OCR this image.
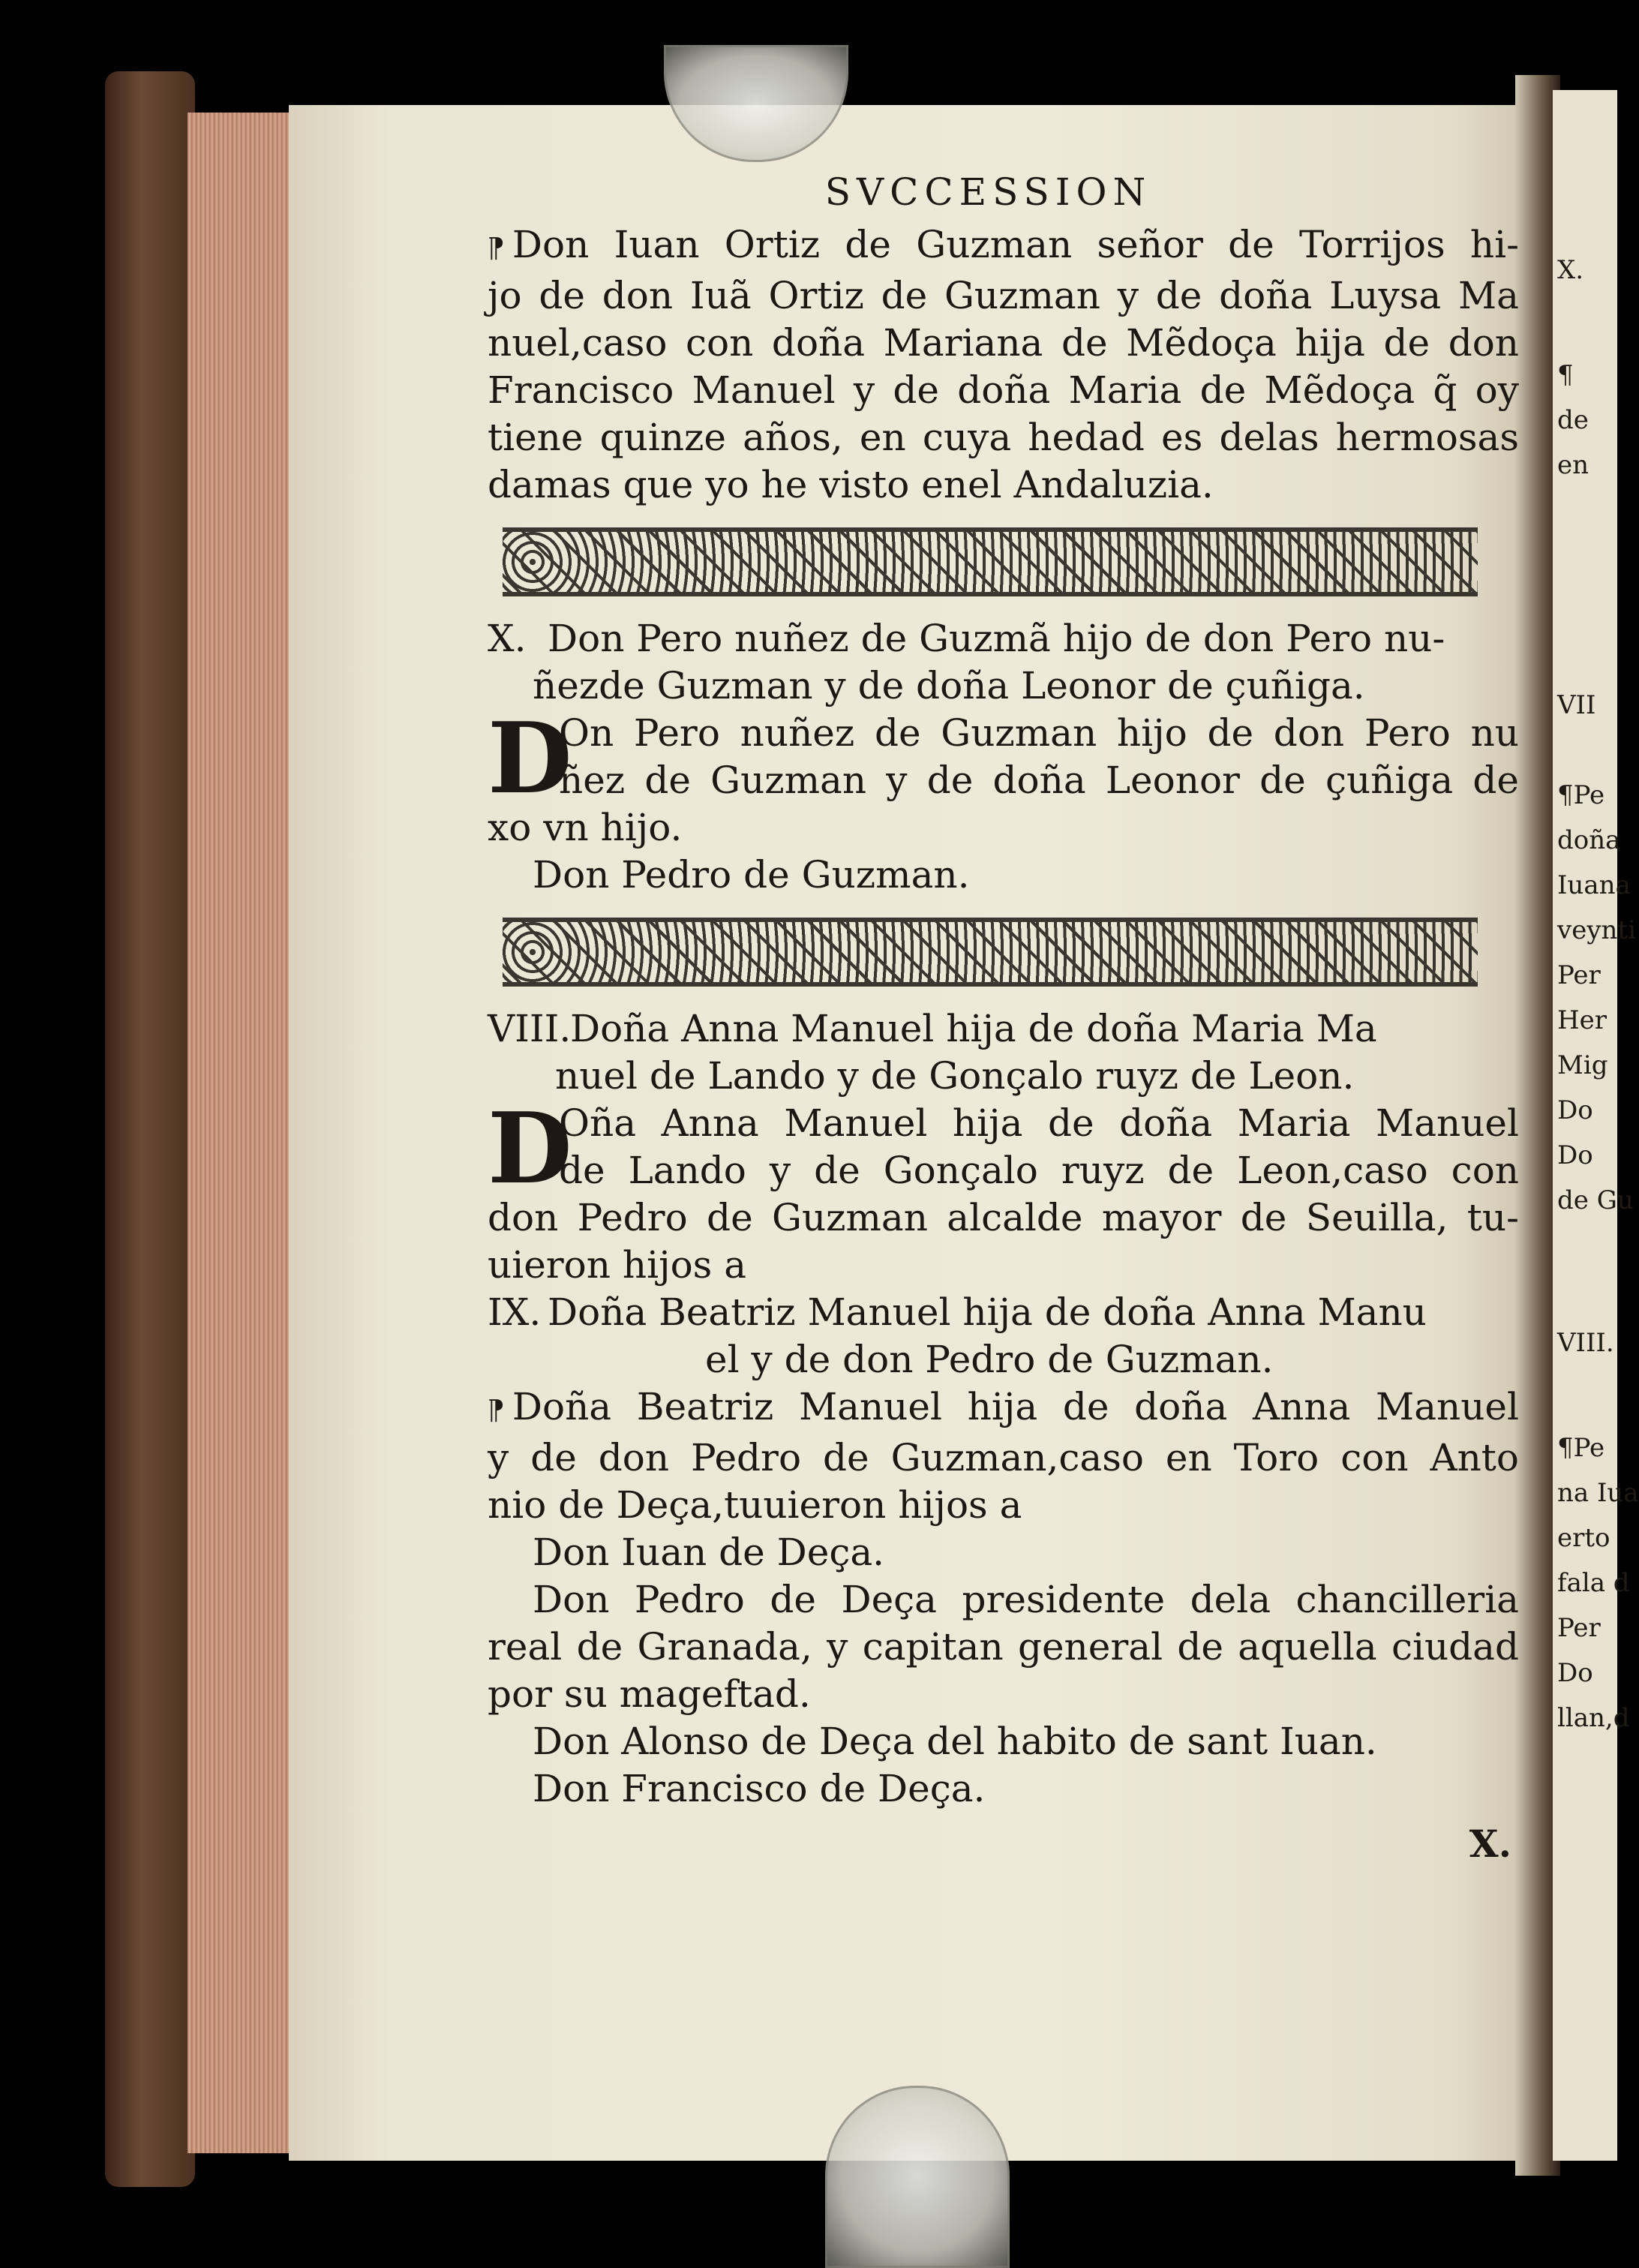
X.
¶
de
en
VII
¶Pe
doña
Iuana
veynti
Per
Her
Mig
Do
Do
de Gu
VIII.
¶Pe
na Iua
erto
fala d
Per
Do
llan,d
SVCCESSION
⁋ Don Iuan Ortiz de Guzman señor de Torrijos hi-
jo de don Iuã Ortiz de Guzman y de doña Luysa Ma
nuel,caso con doña Mariana de Mẽdoça hija de don
Francisco Manuel y de doña Maria de Mẽdoça q̃ oy
tiene quinze años, en cuya hedad es delas hermosas
damas que yo he visto enel Andaluzia.
X. Don Pero nuñez de Guzmã hijo de don Pero nu-
ñezde Guzman y de doña Leonor de çuñiga.
D
On Pero nuñez de Guzman hijo de don Pero nu
ñez de Guzman y de doña Leonor de çuñiga de
xo vn hijo.
Don Pedro de Guzman.
VIII.Doña Anna Manuel hija de doña Maria Ma
nuel de Lando y de Gonçalo ruyz de Leon.
D
Oña Anna Manuel hija de doña Maria Manuel
de Lando y de Gonçalo ruyz de Leon,caso con
don Pedro de Guzman alcalde mayor de Seuilla, tu-
uieron hijos a
IX. Doña Beatriz Manuel hija de doña Anna Manu
el y de don Pedro de Guzman.
⁋ Doña Beatriz Manuel hija de doña Anna Manuel
y de don Pedro de Guzman,caso en Toro con Anto
nio de Deça,tuuieron hijos a
Don Iuan de Deça.
Don Pedro de Deça presidente dela chancilleria
real de Granada, y capitan general de aquella ciudad
por su mageftad.
Don Alonso de Deça del habito de sant Iuan.
Don Francisco de Deça.
X.
